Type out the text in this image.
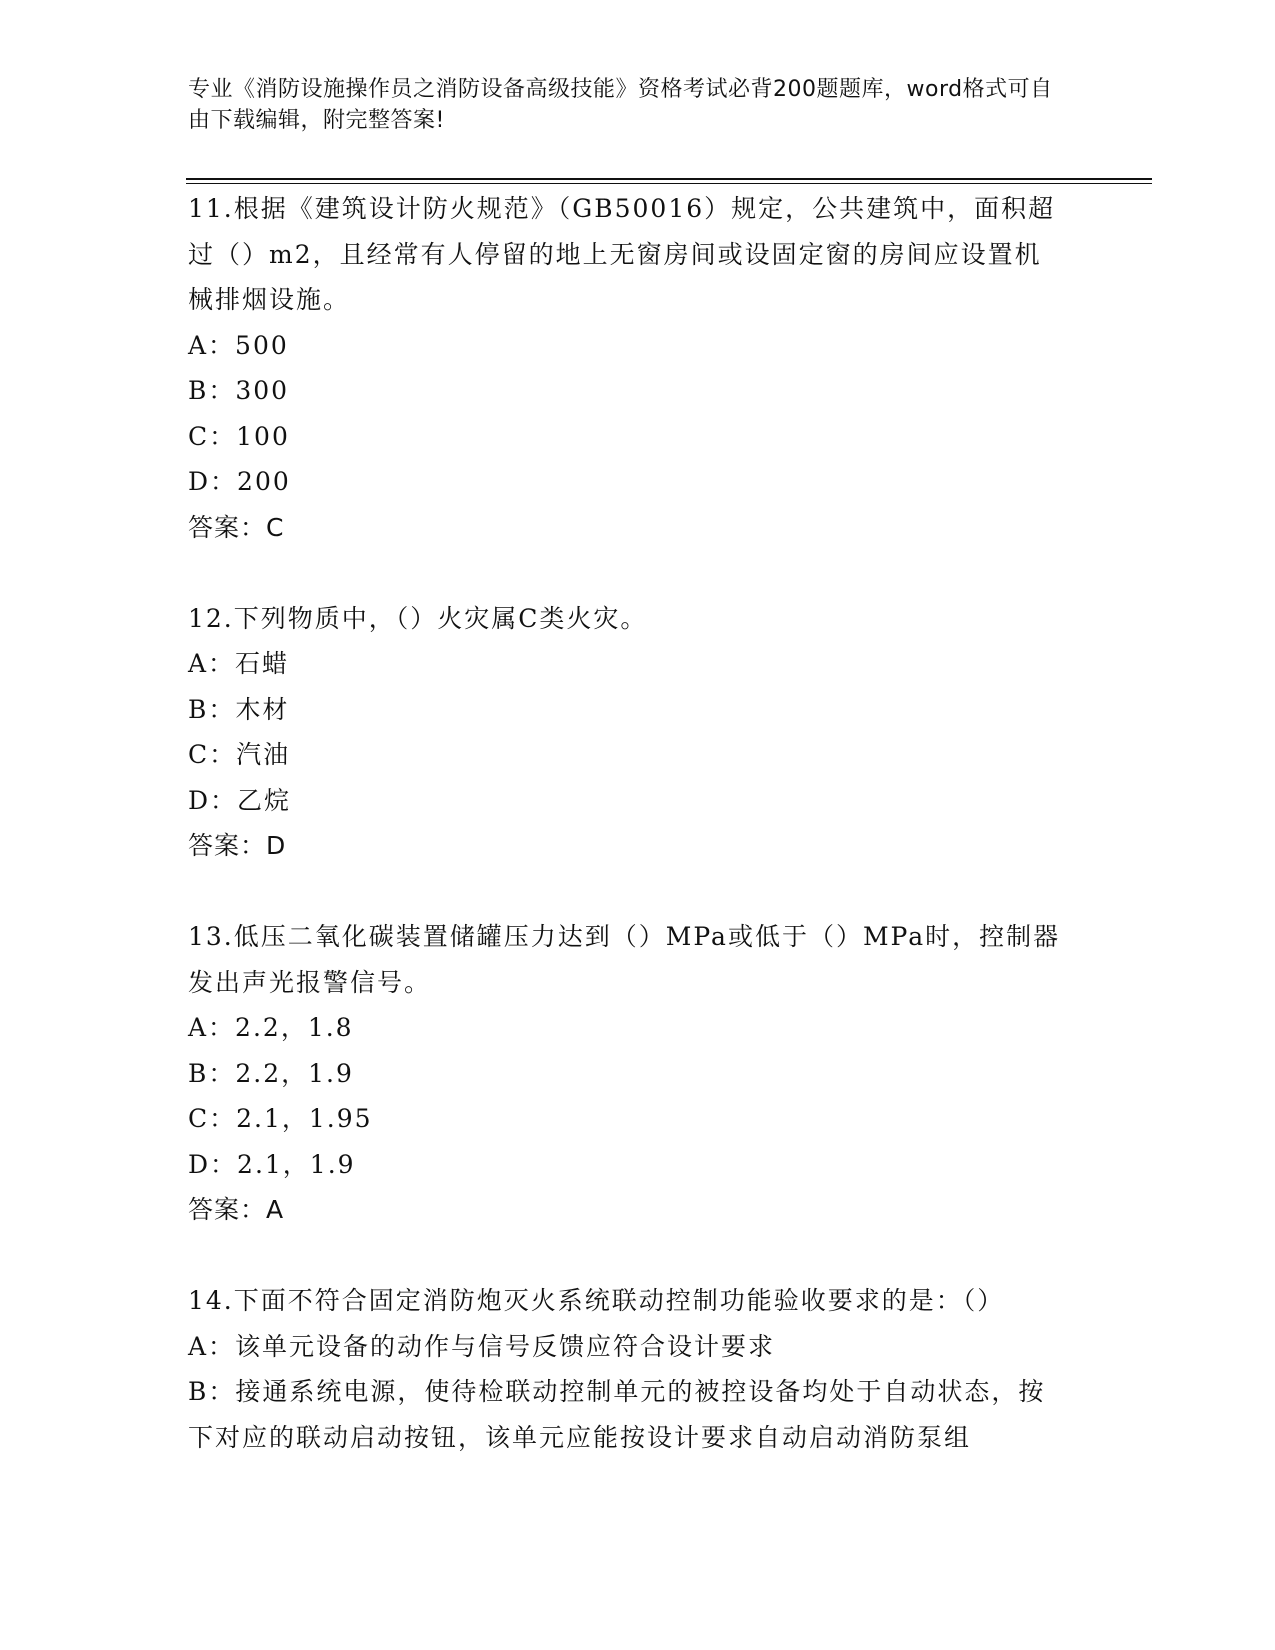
专业《消防设施操作员之消防设备高级技能》资格考试必背200题题库，word格式可自由下载编辑，附完整答案!

11.根据《建筑设计防火规范》（GB50016）规定，公共建筑中，面积超过（）m2，且经常有人停留的地上无窗房间或设固定窗的房间应设置机械排烟设施。

A：500

B：300

C：100

D：200

答案：C

12.下列物质中，（）火灾属C类火灾。

A：石蜡

B：木材

C：汽油

D：乙烷

答案：D

13.低压二氧化碳装置储罐压力达到（）MPa或低于（）MPa时，控制器发出声光报警信号。

A：2.2，1.8

B：2.2，1.9

C：2.1，1.95

D：2.1，1.9

答案：A

14.下面不符合固定消防炮灭火系统联动控制功能验收要求的是：（）

A：该单元设备的动作与信号反馈应符合设计要求

B：接通系统电源，使待检联动控制单元的被控设备均处于自动状态，按下对应的联动启动按钮，该单元应能按设计要求自动启动消防泵组
